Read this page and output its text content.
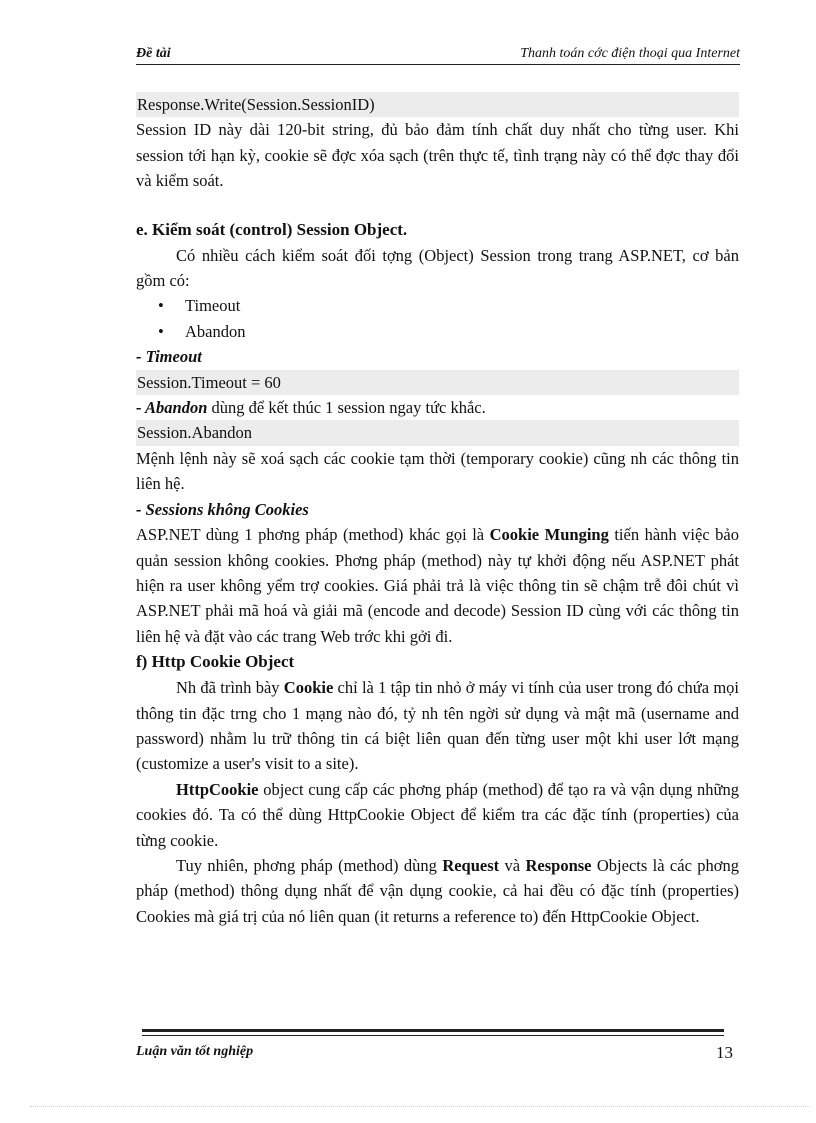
Đề tài	Thanh toán cớc điện thoại qua Internet
Response.Write(Session.SessionID)

Session ID này dài 120-bit string, đủ bảo đảm tính chất duy nhất cho từng user. Khi session tới hạn kỳ, cookie sẽ đợc xóa sạch (trên thực tế, tình trạng này có thể đợc thay đổi và kiểm soát.

e. Kiểm soát (control) Session Object.

Có nhiều cách kiểm soát đối tợng (Object) Session trong trang ASP.NET, cơ bản gồm có:

• Timeout
• Abandon

- Timeout

Session.Timeout = 60

- Abandon dùng để kết thúc 1 session ngay tức khắc.

Session.Abandon

Mệnh lệnh này sẽ xoá sạch các cookie tạm thời (temporary cookie) cũng nh các thông tin liên hệ.

- Sessions không Cookies

ASP.NET dùng 1 phơng pháp (method) khác gọi là Cookie Munging tiến hành việc bảo quản session không cookies. Phơng pháp (method) này tự khởi động nếu ASP.NET phát hiện ra user không yểm trợ cookies. Giá phải trả là việc thông tin sẽ chậm trễ đôi chút vì ASP.NET phải mã hoá và giải mã (encode and decode) Session ID cùng với các thông tin liên hệ và đặt vào các trang Web trớc khi gởi đi.

f) Http Cookie Object

Nh đã trình bày Cookie chỉ là 1 tập tin nhỏ ở máy vi tính của user trong đó chứa mọi thông tin đặc trng cho 1 mạng nào đó, tỷ nh tên ngời sử dụng và mật mã (username and password) nhằm lu trữ thông tin cá biệt liên quan đến từng user một khi user lớt mạng (customize a user's visit to a site).

HttpCookie object cung cấp các phơng pháp (method) để tạo ra và vận dụng những cookies đó. Ta có thể dùng HttpCookie Object để kiểm tra các đặc tính (properties) của từng cookie.

Tuy nhiên, phơng pháp (method) dùng Request và Response Objects là các phơng pháp (method) thông dụng nhất để vận dụng cookie, cả hai đều có đặc tính (properties) Cookies mà giá trị của nó liên quan (it returns a reference to) đến HttpCookie Object.

Luận văn tốt nghiệp	13
